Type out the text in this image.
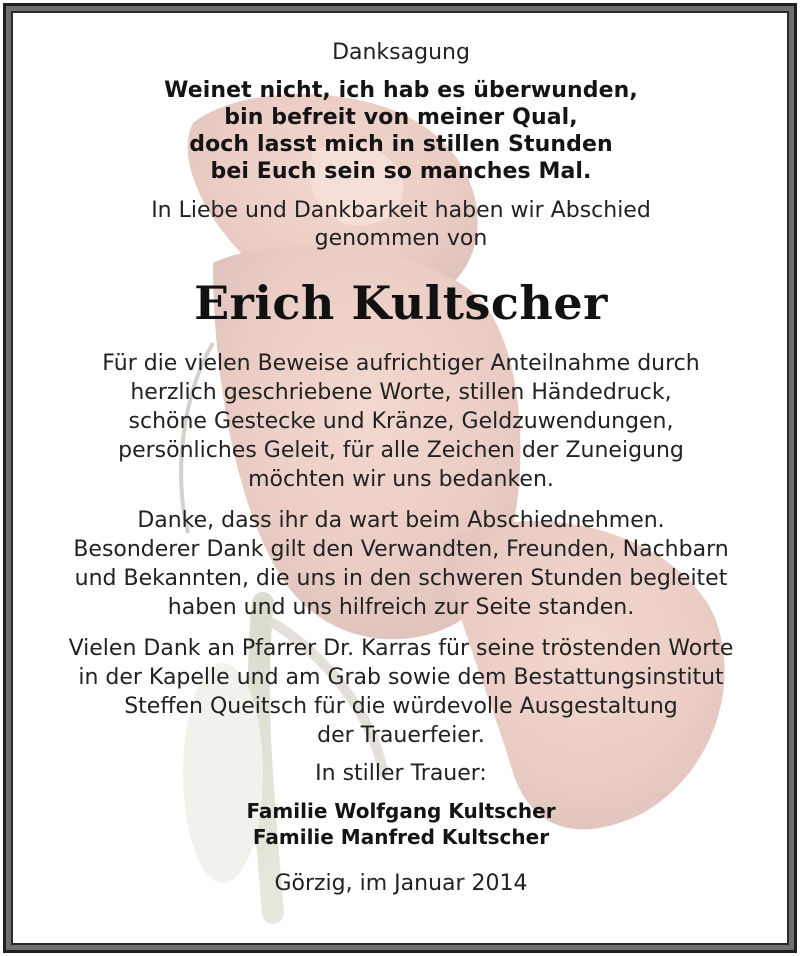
Danksagung
Weinet nicht, ich hab es überwunden,
bin befreit von meiner Qual,
doch lasst mich in stillen Stunden
bei Euch sein so manches Mal.
In Liebe und Dankbarkeit haben wir Abschied
genommen von
Erich Kultscher
Für die vielen Beweise aufrichtiger Anteilnahme durch
herzlich geschriebene Worte, stillen Händedruck,
schöne Gestecke und Kränze, Geldzuwendungen,
persönliches Geleit, für alle Zeichen der Zuneigung
möchten wir uns bedanken.
Danke, dass ihr da wart beim Abschiednehmen.
Besonderer Dank gilt den Verwandten, Freunden, Nachbarn
und Bekannten, die uns in den schweren Stunden begleitet
haben und uns hilfreich zur Seite standen.
Vielen Dank an Pfarrer Dr. Karras für seine tröstenden Worte
in der Kapelle und am Grab sowie dem Bestattungsinstitut
Steffen Queitsch für die würdevolle Ausgestaltung
der Trauerfeier.
In stiller Trauer:
Familie Wolfgang Kultscher
Familie Manfred Kultscher
Görzig, im Januar 2014
